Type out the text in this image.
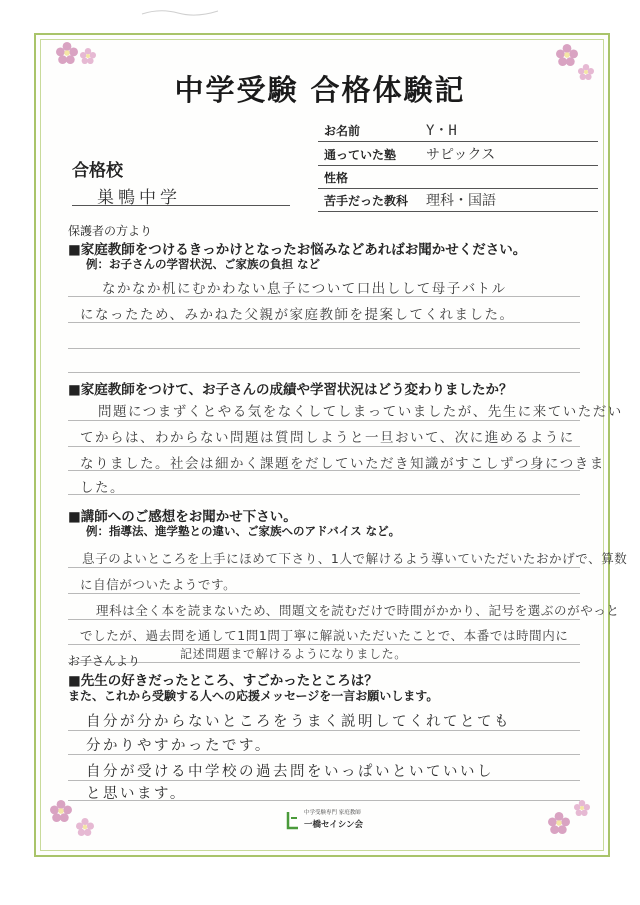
中学受験 合格体験記
お名前	Y・H
通っていた塾 サピックス
性格
苦手だった教科 理科・国語
合格校
巣鴨中学
保護者の方より
■家庭教師をつけるきっかけとなったお悩みなどあればお聞かせください。
例：お子さんの学習状況、ご家族の負担 など
なかなか机にむかわない息子について口出しして母子バトル
になったため、みかねた父親が家庭教師を提案してくれました。
■家庭教師をつけて、お子さんの成績や学習状況はどう変わりましたか？
問題につまずくとやる気をなくしてしまっていましたが、先生に来ていただい
てからは、わからない問題は質問しようと一旦おいて、次に進めるように
なりました。社会は細かく課題をだしていただき知識がすこしずつ身につきま
した。
■講師へのご感想をお聞かせ下さい。
例：指導法、進学塾との違い、ご家族へのアドバイス など。
息子のよいところを上手にほめて下さり、1人で解けるよう導いていただいたおかげで、算数
に自信がついたようです。
理科は全く本を読まないため、問題文を読むだけで時間がかかり、記号を選ぶのがやっと
でしたが、過去問を通して1問1問丁寧に解説いただいたことで、本番では時間内に
記述問題まで解けるようになりました。
お子さんより
■先生の好きだったところ、すごかったところは？
また、これから受験する人への応援メッセージを一言お願いします。
自分が分からないところをうまく説明してくれてとても
分かりやすかったです。
自分が受ける中学校の過去問をいっぱいといていいし
と思います。
中学受験専門 家庭教師
一橋セイシン会
